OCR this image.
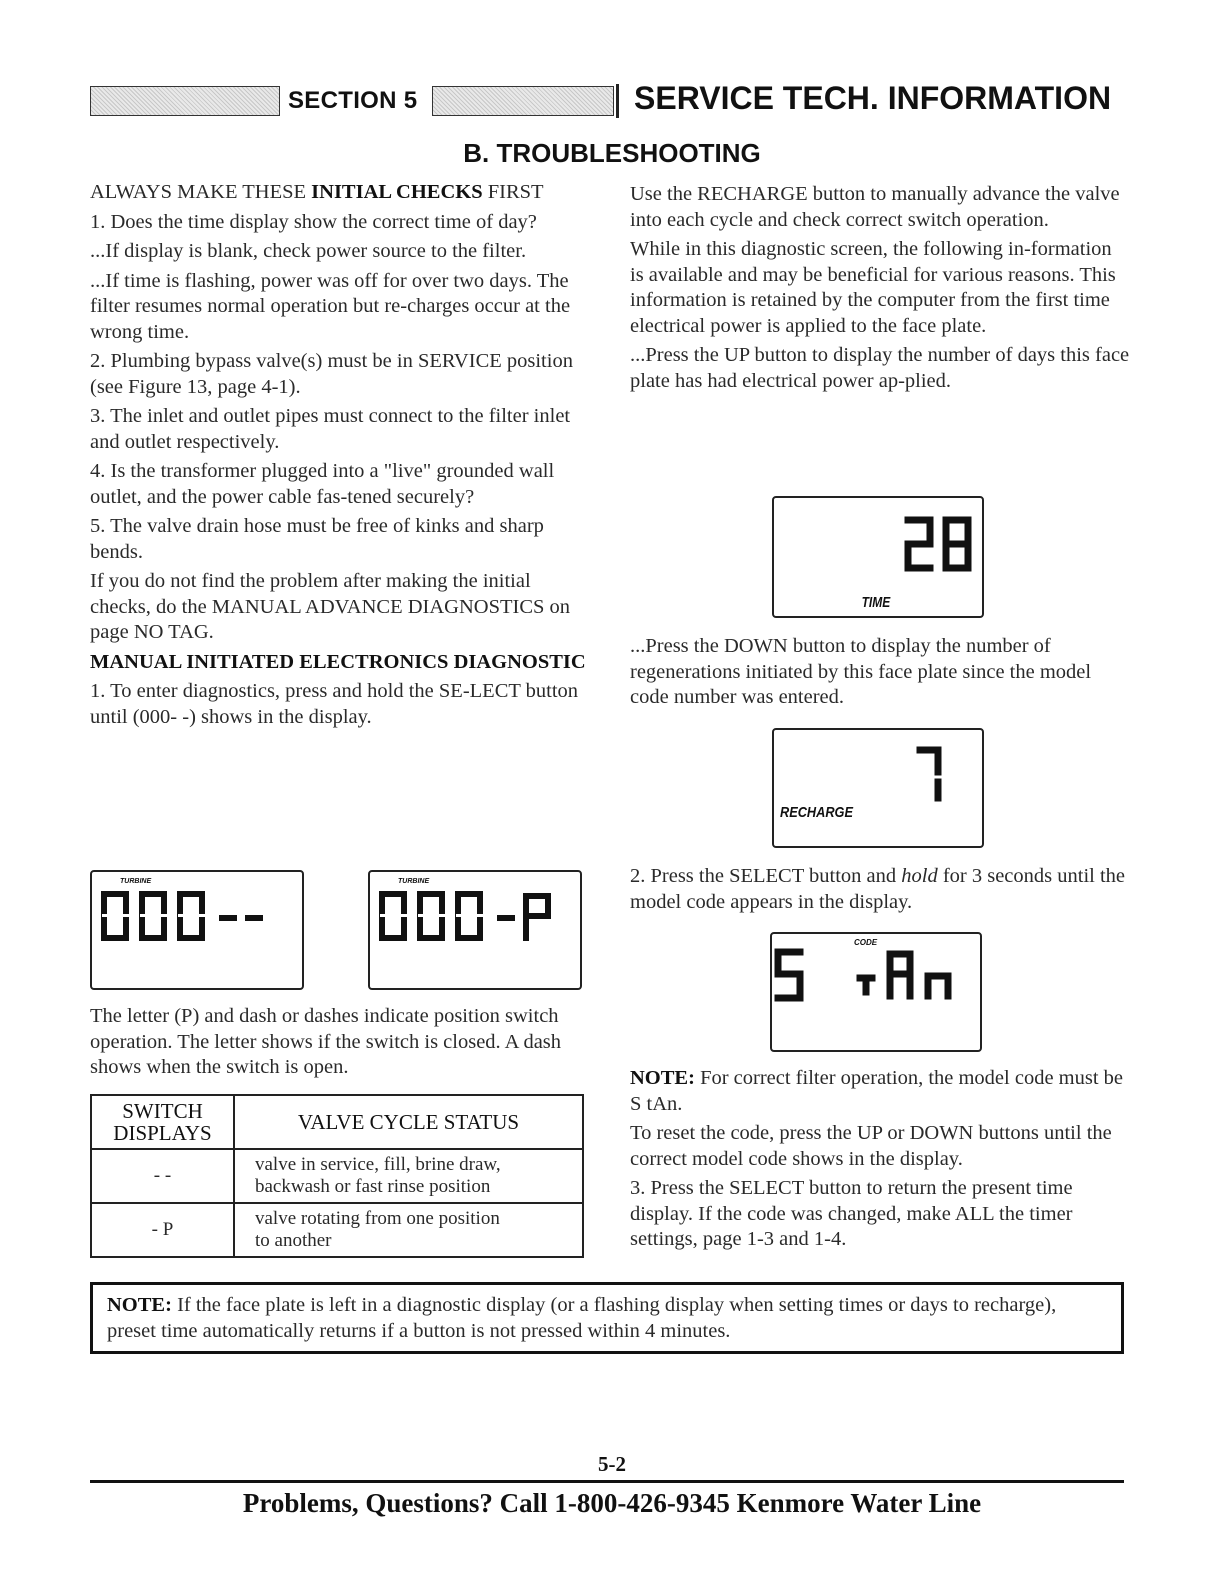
SECTION 5	SERVICE TECH. INFORMATION
B. TROUBLESHOOTING

ALWAYS MAKE THESE INITIAL CHECKS FIRST

1. Does the time display show the correct time of day?

...If display is blank, check power source to the filter.

...If time is flashing, power was off for over two days. The filter resumes normal operation but re-charges occur at the wrong time.

2. Plumbing bypass valve(s) must be in SERVICE position (see Figure 13, page 4-1).

3. The inlet and outlet pipes must connect to the filter inlet and outlet respectively.

4. Is the transformer plugged into a "live" grounded wall outlet, and the power cable fas-tened securely?

5. The valve drain hose must be free of kinks and sharp bends.

If you do not find the problem after making the initial checks, do the MANUAL ADVANCE DIAGNOSTICS on page NO TAG.

MANUAL INITIATED ELECTRONICS DIAGNOSTIC

1. To enter diagnostics, press and hold the SE-LECT button until (000- -) shows in the display.

TURBINE	TURBINE

The letter (P) and dash or dashes indicate position switch operation. The letter shows if the switch is closed. A dash shows when the switch is open.

SWITCH
DISPLAYS	VALVE CYCLE STATUS
- -	valve in service, fill, brine draw,
backwash or fast rinse position
- P	valve rotating from one position
to another

Use the RECHARGE button to manually advance the valve into each cycle and check correct switch operation.

While in this diagnostic screen, the following in-formation is available and may be beneficial for various reasons. This information is retained by the computer from the first time electrical power is applied to the face plate.

...Press the UP button to display the number of days this face plate has had electrical power ap-plied.

TIME

...Press the DOWN button to display the number of regenerations initiated by this face plate since the model code number was entered.

RECHARGE

2. Press the SELECT button and hold for 3 seconds until the model code appears in the display.

CODE

NOTE: For correct filter operation, the model code must be S tAn.

To reset the code, press the UP or DOWN buttons until the correct model code shows in the display.

3. Press the SELECT button to return the present time display. If the code was changed, make ALL the timer settings, page 1-3 and 1-4.

NOTE: If the face plate is left in a diagnostic display (or a flashing display when setting times or days to recharge), preset time automatically returns if a button is not pressed within 4 minutes.
5-2
Problems, Questions? Call 1-800-426-9345 Kenmore Water Line
